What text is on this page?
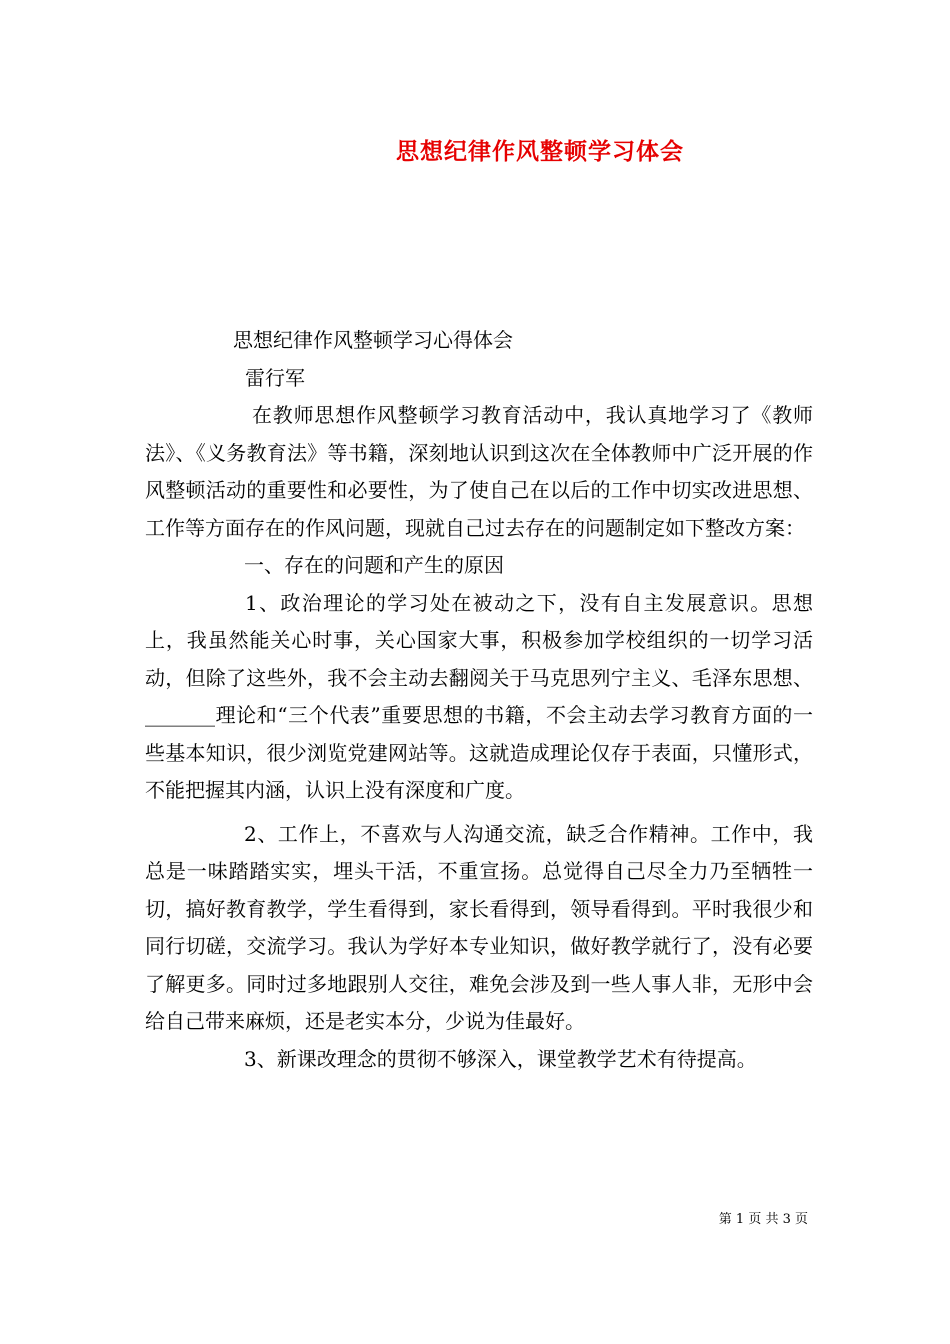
思想纪律作风整顿学习体会
思想纪律作风整顿学习心得体会
雷行军

在教师思想作风整顿学习教育活动中，我认真地学习了《教师法》、《义务教育法》等书籍，深刻地认识到这次在全体教师中广泛开展的作风整顿活动的重要性和必要性，为了使自己在以后的工作中切实改进思想、工作等方面存在的作风问题，现就自己过去存在的问题制定如下整改方案：

一、存在的问题和产生的原因

1、政治理论的学习处在被动之下，没有自主发展意识。思想上，我虽然能关心时事，关心国家大事，积极参加学校组织的一切学习活动，但除了这些外，我不会主动去翻阅关于马克思列宁主义、毛泽东思想、_______理论和“三个代表”重要思想的书籍，不会主动去学习教育方面的一些基本知识，很少浏览党建网站等。这就造成理论仅存于表面，只懂形式，不能把握其内涵，认识上没有深度和广度。

2、工作上，不喜欢与人沟通交流，缺乏合作精神。工作中，我总是一味踏踏实实，埋头干活，不重宣扬。总觉得自己尽全力乃至牺牲一切，搞好教育教学，学生看得到，家长看得到，领导看得到。平时我很少和同行切磋，交流学习。我认为学好本专业知识，做好教学就行了，没有必要了解更多。同时过多地跟别人交往，难免会涉及到一些人事人非，无形中会给自己带来麻烦，还是老实本分，少说为佳最好。

3、新课改理念的贯彻不够深入，课堂教学艺术有待提高。

第 1 页 共 3 页
